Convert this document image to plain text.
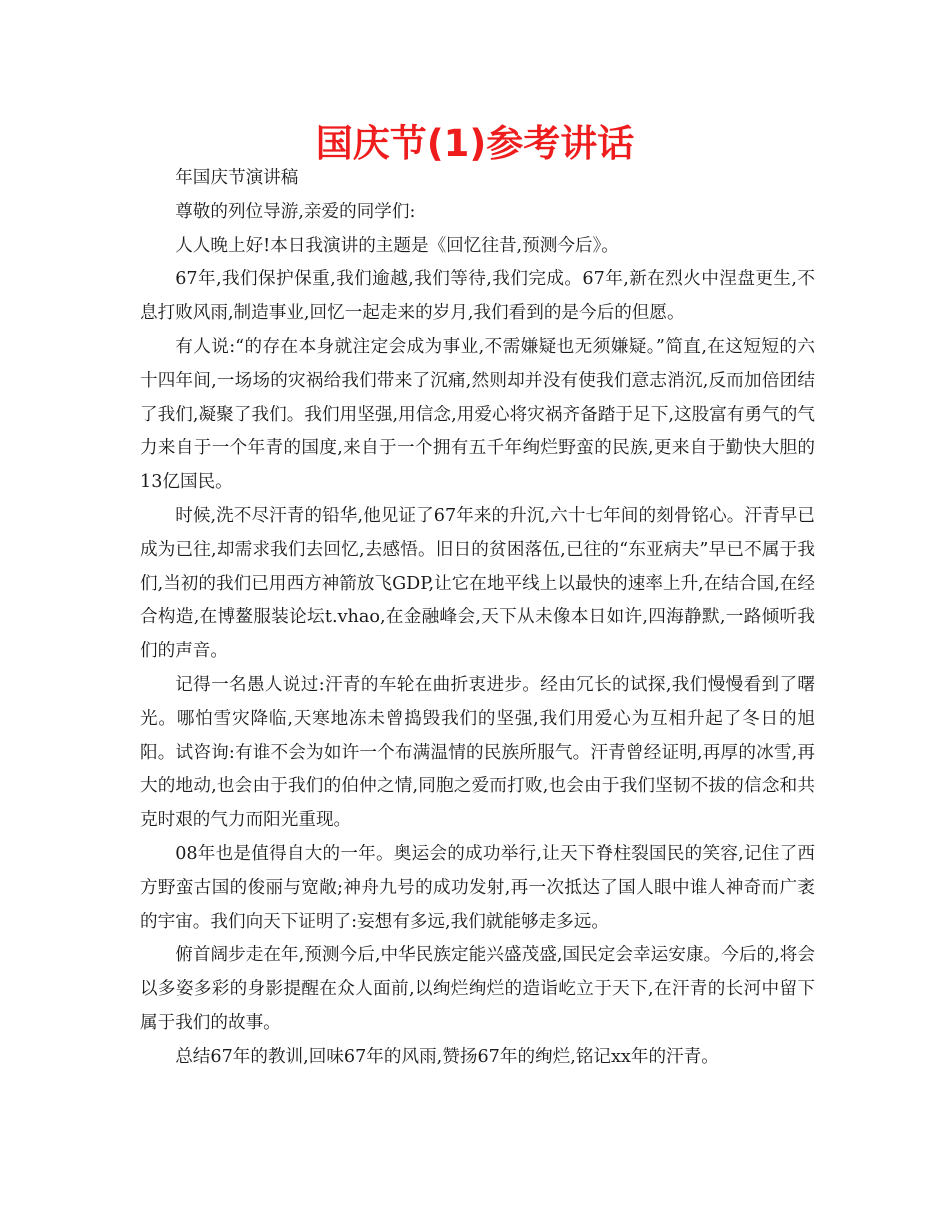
国庆节(1)参考讲话

年国庆节演讲稿

尊敬的列位导游,亲爱的同学们:

人人晚上好!本日我演讲的主题是《回忆往昔,预测今后》。

67年,我们保护保重,我们逾越,我们等待,我们完成。67年,新在烈火中涅盘更生,不息打败风雨,制造事业,回忆一起走来的岁月,我们看到的是今后的但愿。

有人说:“的存在本身就注定会成为事业,不需嫌疑也无须嫌疑。”简直,在这短短的六十四年间,一场场的灾祸给我们带来了沉痛,然则却并没有使我们意志消沉,反而加倍团结了我们,凝聚了我们。我们用坚强,用信念,用爱心将灾祸齐备踏于足下,这股富有勇气的气力来自于一个年青的国度,来自于一个拥有五千年绚烂野蛮的民族,更来自于勤快大胆的13亿国民。

时候,洗不尽汗青的铅华,他见证了67年来的升沉,六十七年间的刻骨铭心。汗青早已成为已往,却需求我们去回忆,去感悟。旧日的贫困落伍,已往的“东亚病夫”早已不属于我们,当初的我们已用西方神箭放飞GDP,让它在地平线上以最快的速率上升,在结合国,在经合构造,在博鳌服装论坛t.vhao,在金融峰会,天下从未像本日如许,四海静默,一路倾听我们的声音。

记得一名愚人说过:汗青的车轮在曲折衷进步。经由冗长的试探,我们慢慢看到了曙光。哪怕雪灾降临,天寒地冻未曾捣毁我们的坚强,我们用爱心为互相升起了冬日的旭阳。试咨询:有谁不会为如许一个布满温情的民族所服气。汗青曾经证明,再厚的冰雪,再大的地动,也会由于我们的伯仲之情,同胞之爱而打败,也会由于我们坚韧不拔的信念和共克时艰的气力而阳光重现。

08年也是值得自大的一年。奥运会的成功举行,让天下脊柱裂国民的笑容,记住了西方野蛮古国的俊丽与宽敞;神舟九号的成功发射,再一次抵达了国人眼中谁人神奇而广袤的宇宙。我们向天下证明了:妄想有多远,我们就能够走多远。

俯首阔步走在年,预测今后,中华民族定能兴盛茂盛,国民定会幸运安康。今后的,将会以多姿多彩的身影提醒在众人面前,以绚烂绚烂的造诣屹立于天下,在汗青的长河中留下属于我们的故事。

总结67年的教训,回味67年的风雨,赞扬67年的绚烂,铭记xx年的汗青。
